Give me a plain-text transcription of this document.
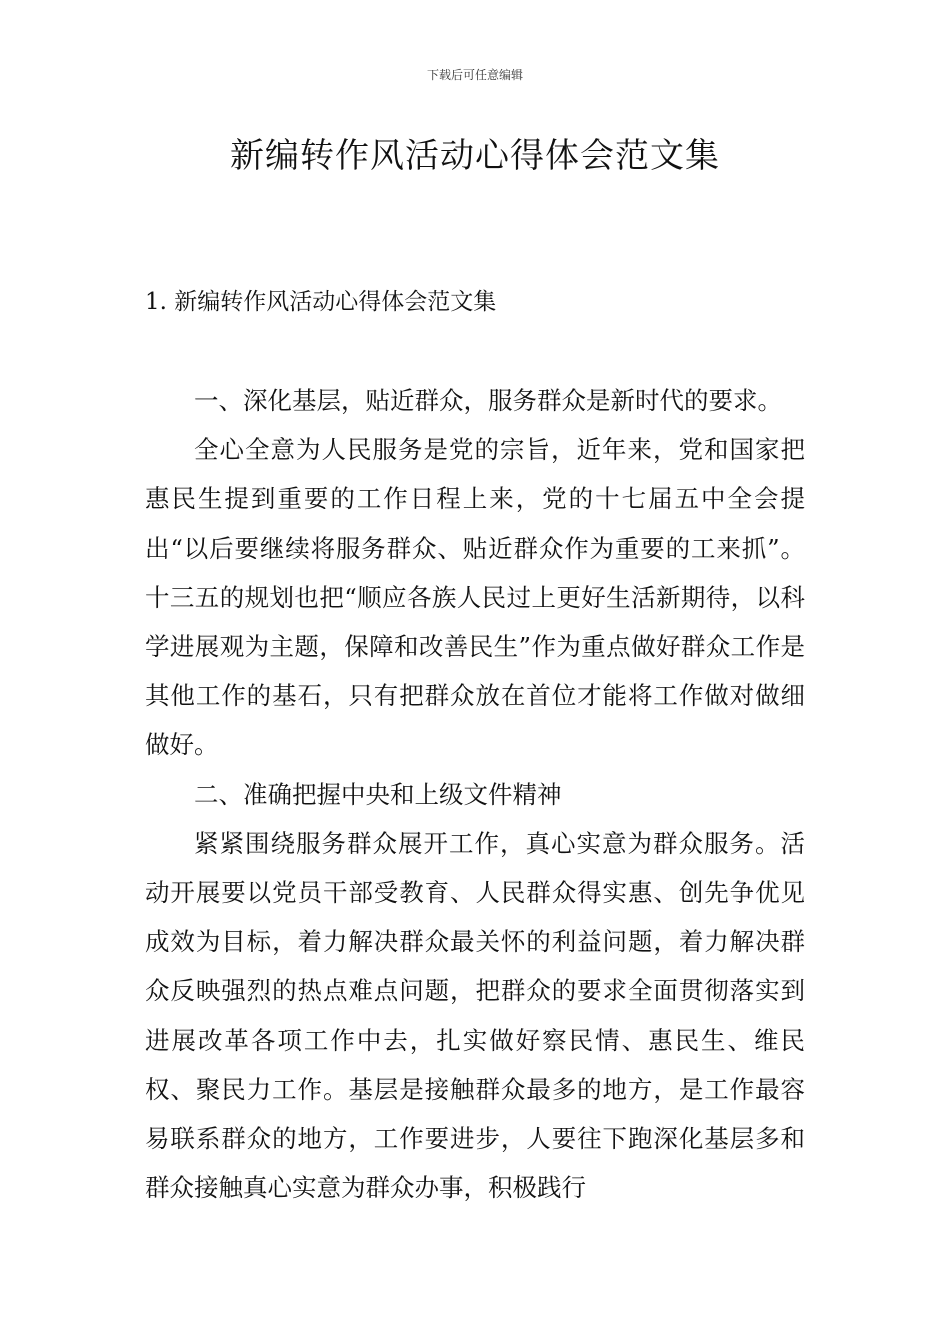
下载后可任意编辑
新编转作风活动心得体会范文集

1. 新编转作风活动心得体会范文集

一、深化基层，贴近群众，服务群众是新时代的要求。

全心全意为人民服务是党的宗旨，近年来，党和国家把惠民生提到重要的工作日程上来，党的十七届五中全会提出“以后要继续将服务群众、贴近群众作为重要的工来抓”。十三五的规划也把“顺应各族人民过上更好生活新期待，以科学进展观为主题，保障和改善民生”作为重点做好群众工作是其他工作的基石，只有把群众放在首位才能将工作做对做细做好。

二、准确把握中央和上级文件精神

紧紧围绕服务群众展开工作，真心实意为群众服务。活动开展要以党员干部受教育、人民群众得实惠、创先争优见成效为目标，着力解决群众最关怀的利益问题，着力解决群众反映强烈的热点难点问题，把群众的要求全面贯彻落实到进展改革各项工作中去，扎实做好察民情、惠民生、维民权、聚民力工作。基层是接触群众最多的地方，是工作最容易联系群众的地方，工作要进步，人要往下跑深化基层多和群众接触真心实意为群众办事，积极践行
